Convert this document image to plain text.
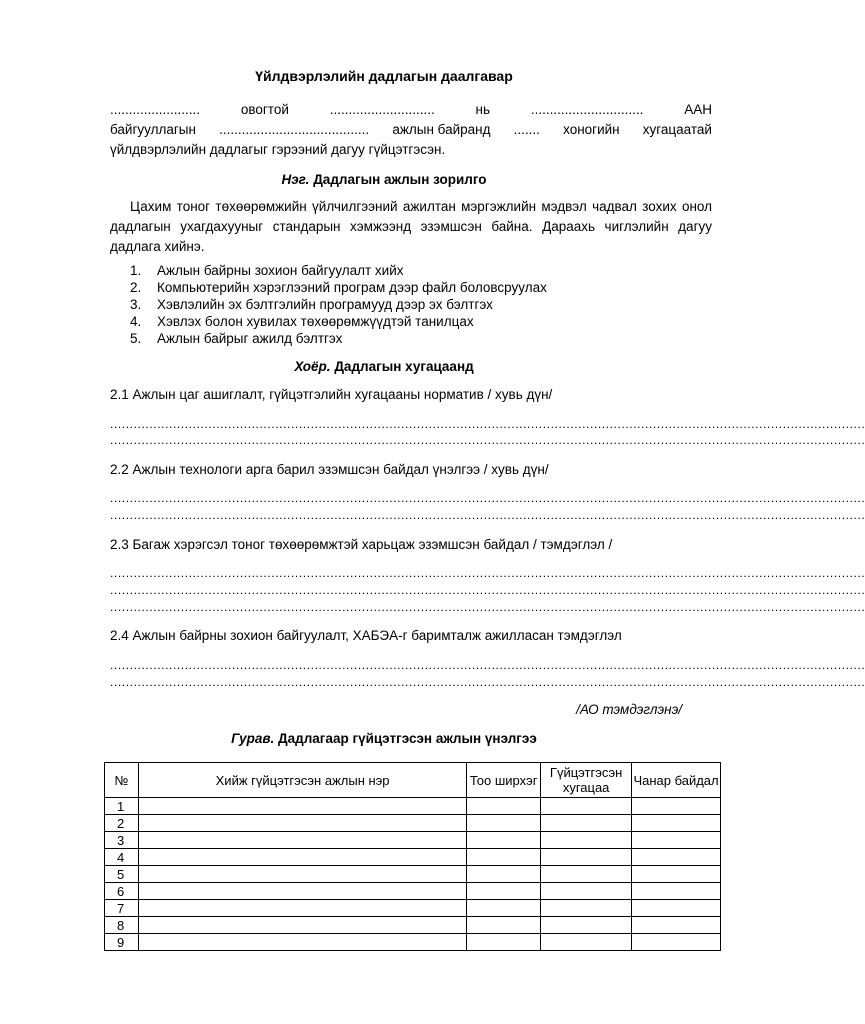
Үйлдвэрлэлийн дадлагын даалгавар
........................	овогтой	............................	нь	..............................	ААН
байгууллагын ........................................ ажлын байранд ....... хоногийн хугацаатай
үйлдвэрлэлийн дадлагыг гэрээний дагуу гүйцэтгэсэн.
Нэг. Дадлагын ажлын зорилго
Цахим тоног төхөөрөмжийн үйлчилгээний ажилтан мэргэжлийн мэдвэл чадвал зохих онол дадлагын ухагдахууныг стандарын хэмжээнд эзэмшсэн байна. Дараахь чиглэлийн дагуу дадлага хийнэ.
1.	Ажлын байрны зохион байгуулалт хийх
2.	Компьютерийн хэрэглээний програм дээр файл боловсруулах
3.	Хэвлэлийн эх бэлтгэлийн програмууд дээр эх бэлтгэх
4.	Хэвлэх болон хувилах төхөөрөмжүүдтэй танилцах
5.	Ажлын байрыг ажилд бэлтгэх
Хоёр. Дадлагын хугацаанд
2.1 Ажлын цаг ашиглалт, гүйцэтгэлийн хугацааны норматив / хувь дүн/
................................................................................................................................................................................................
................................................................................................................................................................................................
2.2 Ажлын технологи арга барил эзэмшсэн байдал үнэлгээ / хувь дүн/
................................................................................................................................................................................................
................................................................................................................................................................................................
2.3 Багаж хэрэгсэл тоног төхөөрөмжтэй харьцаж эзэмшсэн байдал / тэмдэглэл /
................................................................................................................................................................................................
................................................................................................................................................................................................
................................................................................................................................................................................................
2.4 Ажлын байрны зохион байгуулалт, ХАБЭА-г баримталж ажилласан тэмдэглэл
................................................................................................................................................................................................
................................................................................................................................................................................................
/АО тэмдэглэнэ/
Гурав. Дадлагаар гүйцэтгэсэн ажлын үнэлгээ
№	Хийж гүйцэтгэсэн ажлын нэр	Тоо ширхэг	Гүйцэтгэсэн хугацаа	Чанар байдал
1				
2				
3				
4				
5				
6				
7				
8				
9				
